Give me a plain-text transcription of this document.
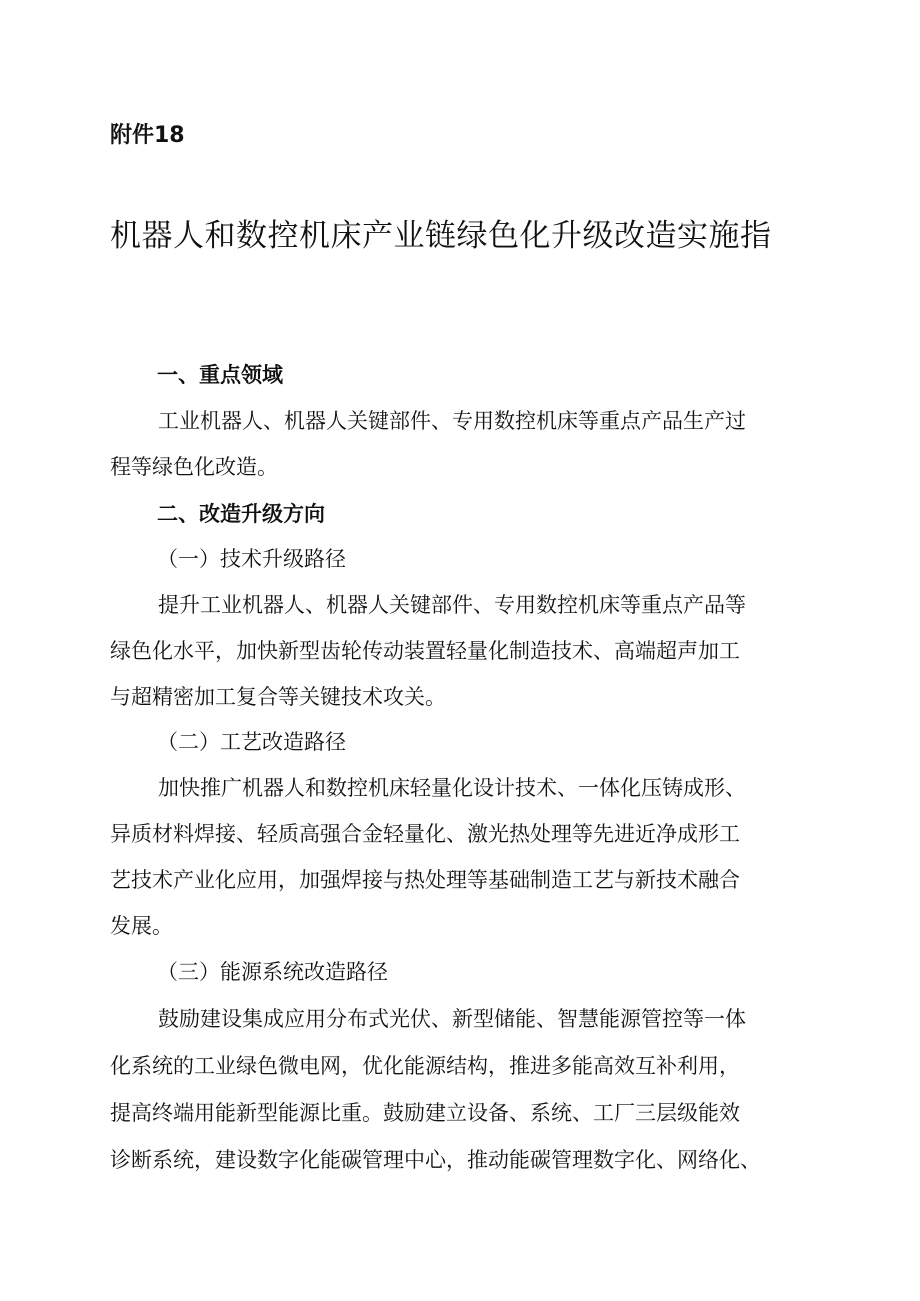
附件18
机器人和数控机床产业链绿色化升级改造实施指
一、重点领域
工业机器人、机器人关键部件、专用数控机床等重点产品生产过
程等绿色化改造。
二、改造升级方向
（一）技术升级路径
提升工业机器人、机器人关键部件、专用数控机床等重点产品等
绿色化水平，加快新型齿轮传动装置轻量化制造技术、高端超声加工
与超精密加工复合等关键技术攻关。
（二）工艺改造路径
加快推广机器人和数控机床轻量化设计技术、一体化压铸成形、
异质材料焊接、轻质高强合金轻量化、激光热处理等先进近净成形工
艺技术产业化应用，加强焊接与热处理等基础制造工艺与新技术融合
发展。
（三）能源系统改造路径
鼓励建设集成应用分布式光伏、新型储能、智慧能源管控等一体
化系统的工业绿色微电网，优化能源结构，推进多能高效互补利用，
提高终端用能新型能源比重。鼓励建立设备、系统、工厂三层级能效
诊断系统，建设数字化能碳管理中心，推动能碳管理数字化、网络化、
